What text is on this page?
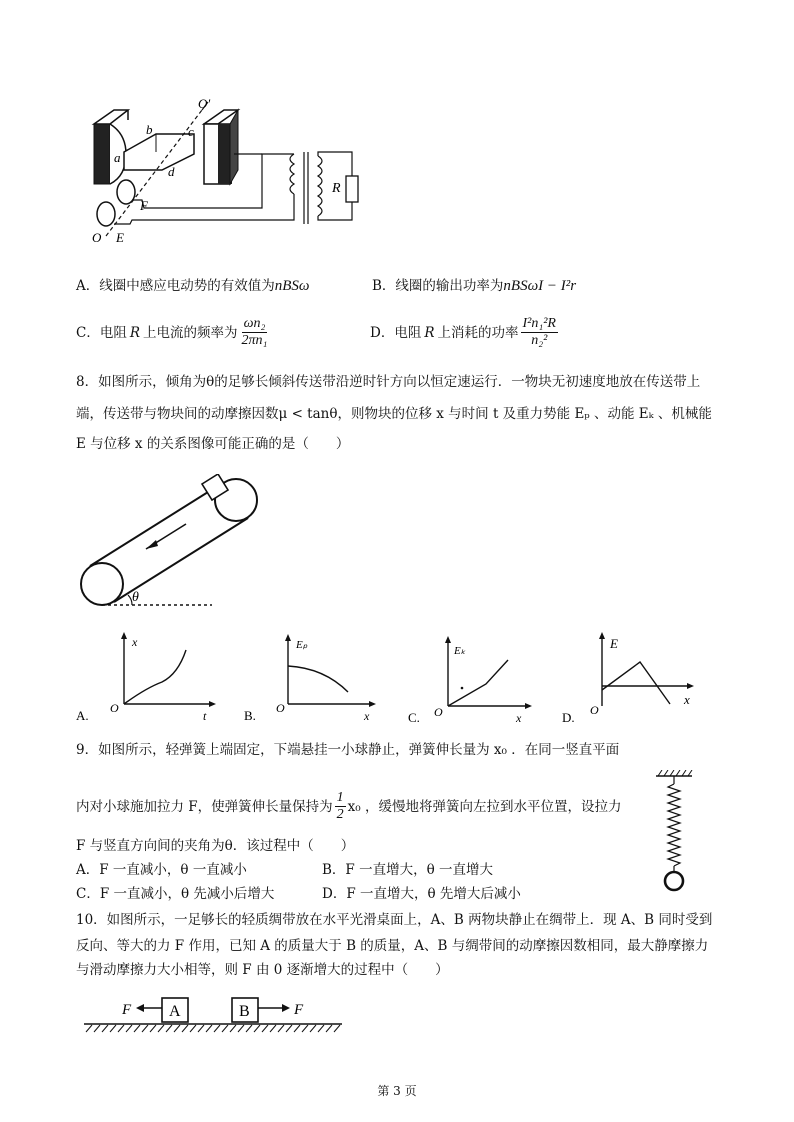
a
b	c
d
O'
S
F
O E
R
A．线圈中感应电动势的有效值为nBSω	B．线圈的输出功率为nBSωI − I²r
C．电阻 R 上电流的频率为 $\frac{\text{ωn₂}}{\text{2πn₁}}$	D．电阻 R 上消耗的功率 $\frac{\text{I²n₁²R}}{\text{n₂²}}$
8．如图所示，倾角为θ的足够长倾斜传送带沿逆时针方向以恒定速运行．一物块无初速度地放在传送带上
端，传送带与物块间的动摩擦因数μ < tanθ，则物块的位移 x 与时间 t 及重力势能 Eₚ 、动能 Eₖ 、机械能
E 与位移 x 的关系图像可能正确的是（　　）
θ
A.
x
t
O	B.
Eₚ
x
O
C.
Eₖ
x
O	D.
E
x
O
9．如图所示，轻弹簧上端固定，下端悬挂一小球静止，弹簧伸长量为 x₀ ．在同一竖直平面
内对小球施加拉力 F，使弹簧伸长量保持为 $\frac{1}{2} x_0$ ，缓慢地将弹簧向左拉到水平位置，设拉力
F 与竖直方向间的夹角为θ．该过程中（　　）
A．F 一直减小，θ 一直减小	B．F 一直增大，θ 一直增大
C．F 一直减小，θ 先减小后增大	D．F 一直增大，θ 先增大后减小
10．如图所示，一足够长的轻质绸带放在水平光滑桌面上，A、B 两物块静止在绸带上．现 A、B 同时受到
反向、等大的力 F 作用，已知 A 的质量大于 B 的质量，A、B 与绸带间的动摩擦因数相同，最大静摩擦力
与滑动摩擦力大小相等，则 F 由 0 逐渐增大的过程中（　　）
A
F	B	F
第 3 页
